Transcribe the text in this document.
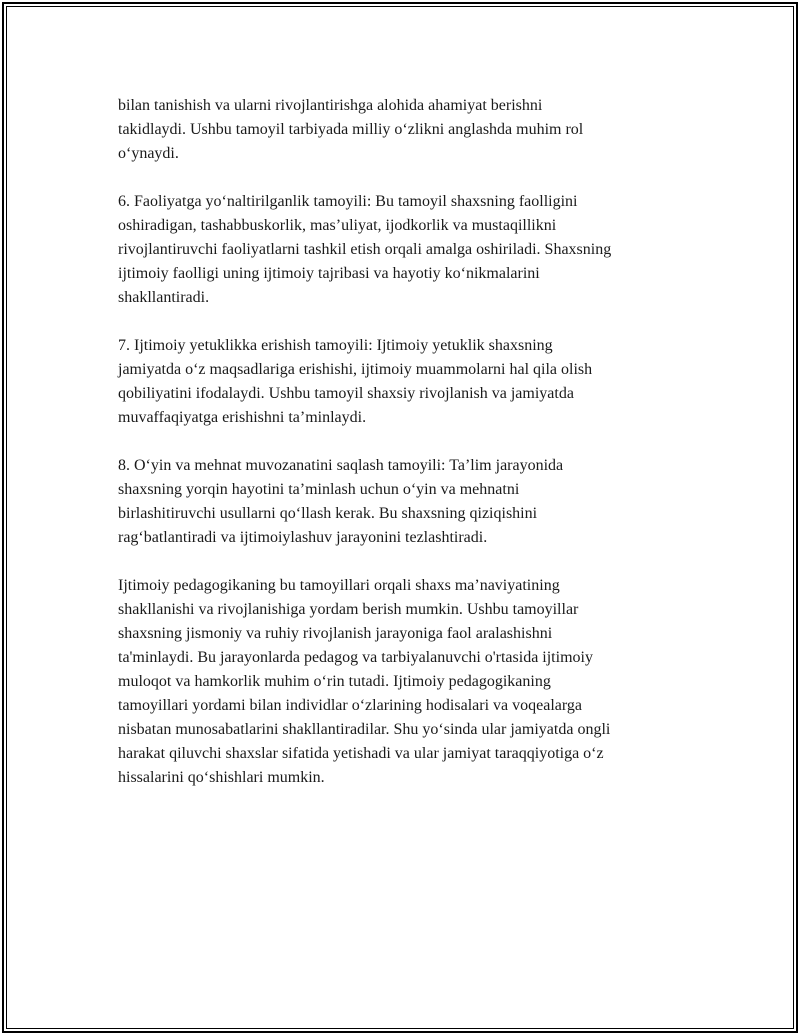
bilan tanishish va ularni rivojlantirishga alohida ahamiyat berishni
takidlaydi. Ushbu tamoyil tarbiyada milliy o‘zlikni anglashda muhim rol
o‘ynaydi.
6. Faoliyatga yo‘naltirilganlik tamoyili: Bu tamoyil shaxsning faolligini
oshiradigan, tashabbuskorlik, mas’uliyat, ijodkorlik va mustaqillikni
rivojlantiruvchi faoliyatlarni tashkil etish orqali amalga oshiriladi. Shaxsning
ijtimoiy faolligi uning ijtimoiy tajribasi va hayotiy ko‘nikmalarini
shakllantiradi.
7. Ijtimoiy yetuklikka erishish tamoyili: Ijtimoiy yetuklik shaxsning
jamiyatda o‘z maqsadlariga erishishi, ijtimoiy muammolarni hal qila olish
qobiliyatini ifodalaydi. Ushbu tamoyil shaxsiy rivojlanish va jamiyatda
muvaffaqiyatga erishishni ta’minlaydi.
8. O‘yin va mehnat muvozanatini saqlash tamoyili: Ta’lim jarayonida
shaxsning yorqin hayotini ta’minlash uchun o‘yin va mehnatni
birlashitiruvchi usullarni qo‘llash kerak. Bu shaxsning qiziqishini
rag‘batlantiradi va ijtimoiylashuv jarayonini tezlashtiradi.
Ijtimoiy pedagogikaning bu tamoyillari orqali shaxs ma’naviyatining
shakllanishi va rivojlanishiga yordam berish mumkin. Ushbu tamoyillar
shaxsning jismoniy va ruhiy rivojlanish jarayoniga faol aralashishni
ta'minlaydi. Bu jarayonlarda pedagog va tarbiyalanuvchi o'rtasida ijtimoiy
muloqot va hamkorlik muhim o‘rin tutadi. Ijtimoiy pedagogikaning
tamoyillari yordami bilan individlar o‘zlarining hodisalari va voqealarga
nisbatan munosabatlarini shakllantiradilar. Shu yo‘sinda ular jamiyatda ongli
harakat qiluvchi shaxslar sifatida yetishadi va ular jamiyat taraqqiyotiga o‘z
hissalarini qo‘shishlari mumkin.
